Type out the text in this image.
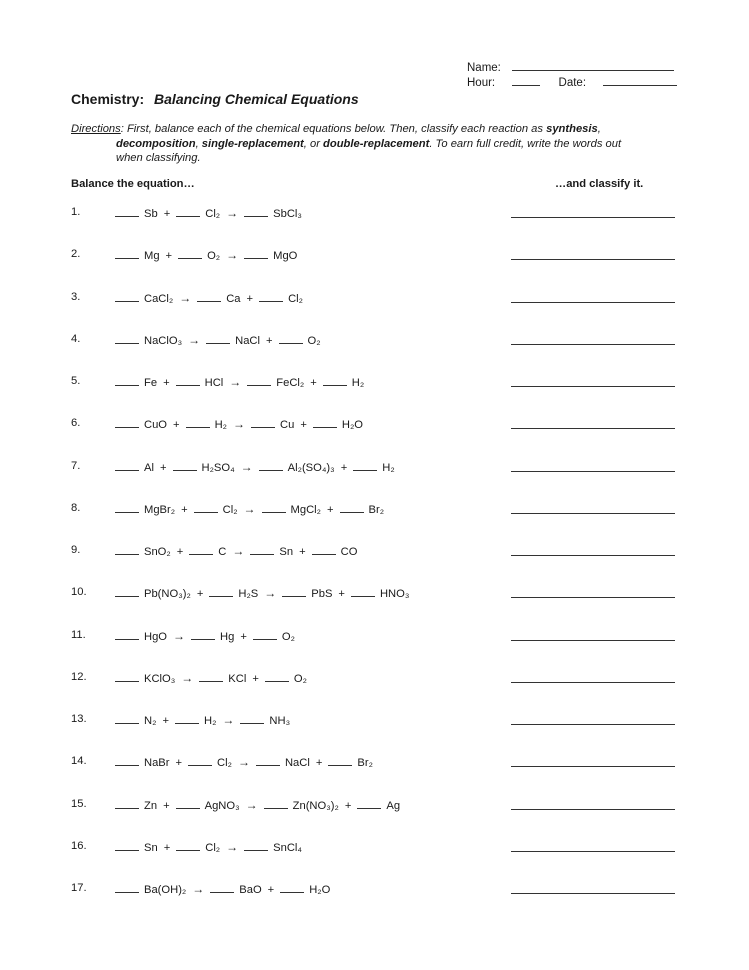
Name:
Hour:	Date:
Chemistry: Balancing Chemical Equations
Directions: First, balance each of the chemical equations below. Then, classify each reaction as synthesis,
decomposition, single-replacement, or double-replacement. To earn full credit, write the words out
when classifying.
Balance the equation…	…and classify it.
1.	Sb +	Cl₂ →	SbCl₃
2.	Mg +	O₂ →	MgO
3.	CaCl₂ →	Ca +	Cl₂
4.	NaClO₃ →	NaCl +	O₂
5.	Fe +	HCl →	FeCl₂ +	H₂
6.	CuO +	H₂ →	Cu +	H₂O
7.	Al +	H₂SO₄ →	Al₂(SO₄)₃ +	H₂
8.	MgBr₂ +	Cl₂ →	MgCl₂ +	Br₂
9.	SnO₂ +	C →	Sn +	CO
10.	Pb(NO₃)₂ +	H₂S →	PbS +	HNO₃
11.	HgO →	Hg +	O₂
12.	KClO₃ →	KCl +	O₂
13.	N₂ +	H₂ →	NH₃
14.	NaBr +	Cl₂ →	NaCl +	Br₂
15.	Zn +	AgNO₃ →	Zn(NO₃)₂ +	Ag
16.	Sn +	Cl₂ →	SnCl₄
17.	Ba(OH)₂ →	BaO +	H₂O
